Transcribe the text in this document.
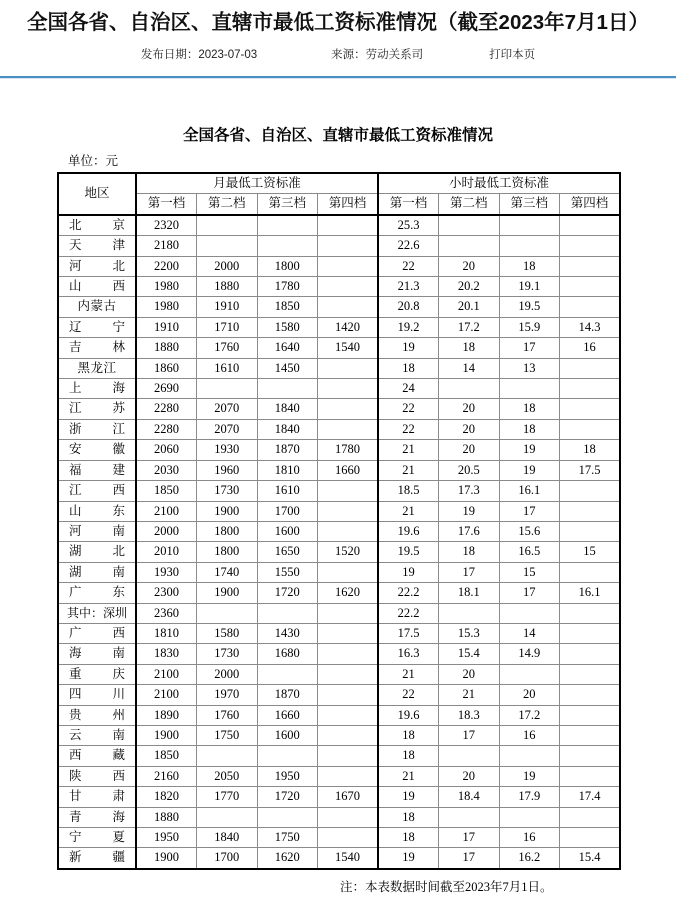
全国各省、自治区、直辖市最低工资标准情况（截至2023年7月1日）
发布日期：2023-07-03	来源：劳动关系司	打印本页
全国各省、自治区、直辖市最低工资标准情况
单位：元
地区	月最低工资标准				小时最低工资标准			
	第一档	第二档	第三档	第四档	第一档	第二档	第三档	第四档
北 京	2320				25.3			
天　津	2180				22.6			
河 北	2200	2000	1800		22	20	18	
山　西	1980	1880	1780		21.3	20.2	19.1	
内蒙古	1980	1910	1850		20.8	20.1	19.5	
辽 宁	1910	1710	1580	1420	19.2	17.2	15.9	14.3
吉　林	1880	1760	1640	1540	19	18	17	16
黑龙江	1860	1610	1450		18	14	13	
上　海	2690				24			
江　苏	2280	2070	1840		22	20	18	
浙　江	2280	2070	1840		22	20	18	
安　徽	2060	1930	1870	1780	21	20	19	18
福　建	2030	1960	1810	1660	21	20.5	19	17.5
江　西	1850	1730	1610		18.5	17.3	16.1	
山　东	2100	1900	1700		21	19	17	
河　南	2000	1800	1600		19.6	17.6	15.6	
湖　北	2010	1800	1650	1520	19.5	18	16.5	15
湖 南	1930	1740	1550		19	17	15	
广　东	2300	1900	1720	1620	22.2	18.1	17	16.1
其中：深圳	2360				22.2			
广　西	1810	1580	1430		17.5	15.3	14	
海　南	1830	1730	1680		16.3	15.4	14.9	
重　庆	2100	2000			21	20		
四　川	2100	1970	1870		22	21	20	
贵 州	1890	1760	1660		19.6	18.3	17.2	
云　南	1900	1750	1600		18	17	16	
西　藏	1850				18			
陕　西	2160	2050	1950		21	20	19	
甘　肃	1820	1770	1720	1670	19	18.4	17.9	17.4
青　海	1880				18			
宁　夏	1950	1840	1750		18	17	16	
新　疆	1900	1700	1620	1540	19	17	16.2	15.4
注：本表数据时间截至2023年7月1日。
